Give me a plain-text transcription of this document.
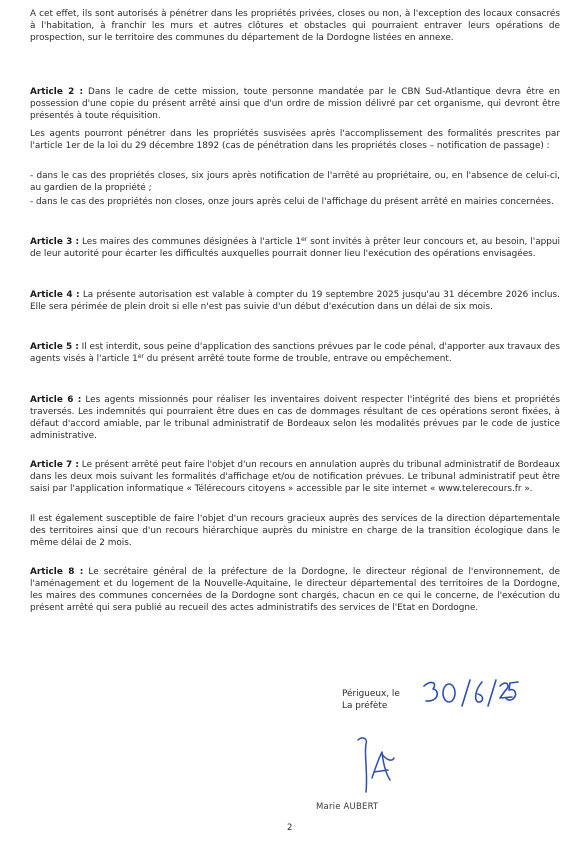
A cet effet, ils sont autorisés à pénétrer dans les propriétés privées, closes ou non, à l'exception des locaux consacrés à l'habitation, à franchir les murs et autres clôtures et obstacles qui pourraient entraver leurs opérations de prospection, sur le territoire des communes du département de la Dordogne listées en annexe.

Article 2 : Dans le cadre de cette mission, toute personne mandatée par le CBN Sud-Atlantique devra être en possession d'une copie du présent arrêté ainsi que d'un ordre de mission délivré par cet organisme, qui devront être présentés à toute réquisition.

Les agents pourront pénétrer dans les propriétés susvisées après l'accomplissement des formalités prescrites par l'article 1er de la loi du 29 décembre 1892 (cas de pénétration dans les propriétés closes – notification de passage) :

- dans le cas des propriétés closes, six jours après notification de l'arrêté au propriétaire, ou, en l'absence de celui-ci, au gardien de la propriété ;

- dans le cas des propriétés non closes, onze jours après celui de l'affichage du présent arrêté en mairies concernées.

Article 3 : Les maires des communes désignées à l'article 1er sont invités à prêter leur concours et, au besoin, l'appui de leur autorité pour écarter les difficultés auxquelles pourrait donner lieu l'exécution des opérations envisagées.

Article 4 : La présente autorisation est valable à compter du 19 septembre 2025 jusqu'au 31 décembre 2026 inclus. Elle sera périmée de plein droit si elle n'est pas suivie d'un début d'exécution dans un délai de six mois.

Article 5 : Il est interdit, sous peine d'application des sanctions prévues par le code pénal, d'apporter aux travaux des agents visés à l'article 1er du présent arrêté toute forme de trouble, entrave ou empêchement.

Article 6 : Les agents missionnés pour réaliser les inventaires doivent respecter l'intégrité des biens et propriétés traversés. Les indemnités qui pourraient être dues en cas de dommages résultant de ces opérations seront fixées, à défaut d'accord amiable, par le tribunal administratif de Bordeaux selon les modalités prévues par le code de justice administrative.

Article 7 : Le présent arrêté peut faire l'objet d'un recours en annulation auprès du tribunal administratif de Bordeaux dans les deux mois suivant les formalités d'affichage et/ou de notification prévues. Le tribunal administratif peut être saisi par l'application informatique « Télérecours citoyens » accessible par le site internet « www.telerecours.fr ».

Il est également susceptible de faire l'objet d'un recours gracieux auprès des services de la direction départementale des territoires ainsi que d'un recours hiérarchique auprès du ministre en charge de la transition écologique dans le même délai de 2 mois.

Article 8 : Le secrétaire général de la préfecture de la Dordogne, le directeur régional de l'environnement, de l'aménagement et du logement de la Nouvelle-Aquitaine, le directeur départemental des territoires de la Dordogne, les maires des communes concernées de la Dordogne sont chargés, chacun en ce qui le concerne, de l'exécution du présent arrêté qui sera publié au recueil des actes administratifs des services de l'Etat en Dordogne.

Périgueux, le
La préfète
Marie AUBERT
2
